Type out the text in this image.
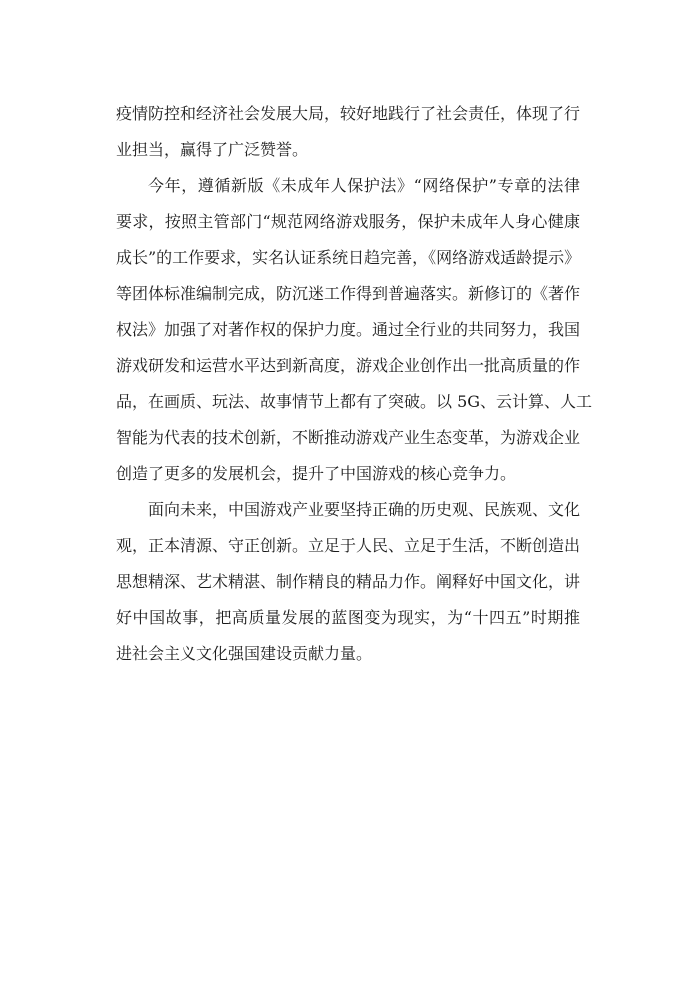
疫情防控和经济社会发展大局，较好地践行了社会责任，体现了行
业担当，赢得了广泛赞誉。
今年，遵循新版《未成年人保护法》“网络保护”专章的法律
要求，按照主管部门“规范网络游戏服务，保护未成年人身心健康
成长”的工作要求，实名认证系统日趋完善，《网络游戏适龄提示》
等团体标准编制完成，防沉迷工作得到普遍落实。新修订的《著作
权法》加强了对著作权的保护力度。通过全行业的共同努力，我国
游戏研发和运营水平达到新高度，游戏企业创作出一批高质量的作
品，在画质、玩法、故事情节上都有了突破。以 5G、云计算、人工
智能为代表的技术创新，不断推动游戏产业生态变革，为游戏企业
创造了更多的发展机会，提升了中国游戏的核心竞争力。
面向未来，中国游戏产业要坚持正确的历史观、民族观、文化
观，正本清源、守正创新。立足于人民、立足于生活，不断创造出
思想精深、艺术精湛、制作精良的精品力作。阐释好中国文化，讲
好中国故事，把高质量发展的蓝图变为现实，为“十四五”时期推
进社会主义文化强国建设贡献力量。
